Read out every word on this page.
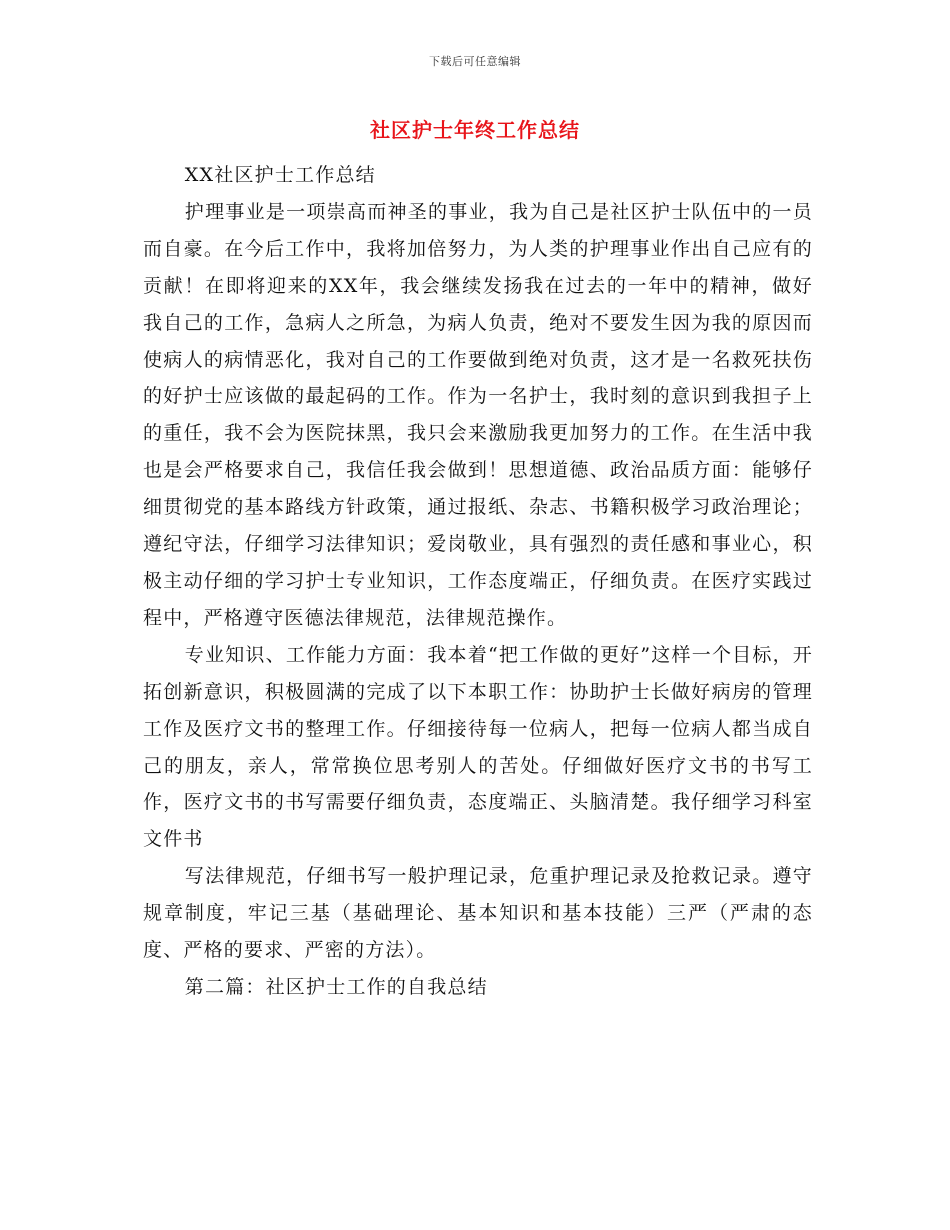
下载后可任意编辑
社区护士年终工作总结

XX社区护士工作总结

护理事业是一项崇高而神圣的事业，我为自己是社区护士队伍中的一员而自豪。在今后工作中，我将加倍努力，为人类的护理事业作出自己应有的贡献！在即将迎来的XX年，我会继续发扬我在过去的一年中的精神，做好我自己的工作，急病人之所急，为病人负责，绝对不要发生因为我的原因而使病人的病情恶化，我对自己的工作要做到绝对负责，这才是一名救死扶伤的好护士应该做的最起码的工作。作为一名护士，我时刻的意识到我担子上的重任，我不会为医院抹黑，我只会来激励我更加努力的工作。在生活中我也是会严格要求自己，我信任我会做到！思想道德、政治品质方面：能够仔细贯彻党的基本路线方针政策，通过报纸、杂志、书籍积极学习政治理论；遵纪守法，仔细学习法律知识；爱岗敬业，具有强烈的责任感和事业心，积极主动仔细的学习护士专业知识，工作态度端正，仔细负责。在医疗实践过程中，严格遵守医德法律规范，法律规范操作。

专业知识、工作能力方面：我本着“把工作做的更好”这样一个目标，开拓创新意识，积极圆满的完成了以下本职工作：协助护士长做好病房的管理工作及医疗文书的整理工作。仔细接待每一位病人，把每一位病人都当成自己的朋友，亲人，常常换位思考别人的苦处。仔细做好医疗文书的书写工作，医疗文书的书写需要仔细负责，态度端正、头脑清楚。我仔细学习科室文件书

写法律规范，仔细书写一般护理记录，危重护理记录及抢救记录。遵守规章制度，牢记三基（基础理论、基本知识和基本技能）三严（严肃的态度、严格的要求、严密的方法）。

第二篇：社区护士工作的自我总结
